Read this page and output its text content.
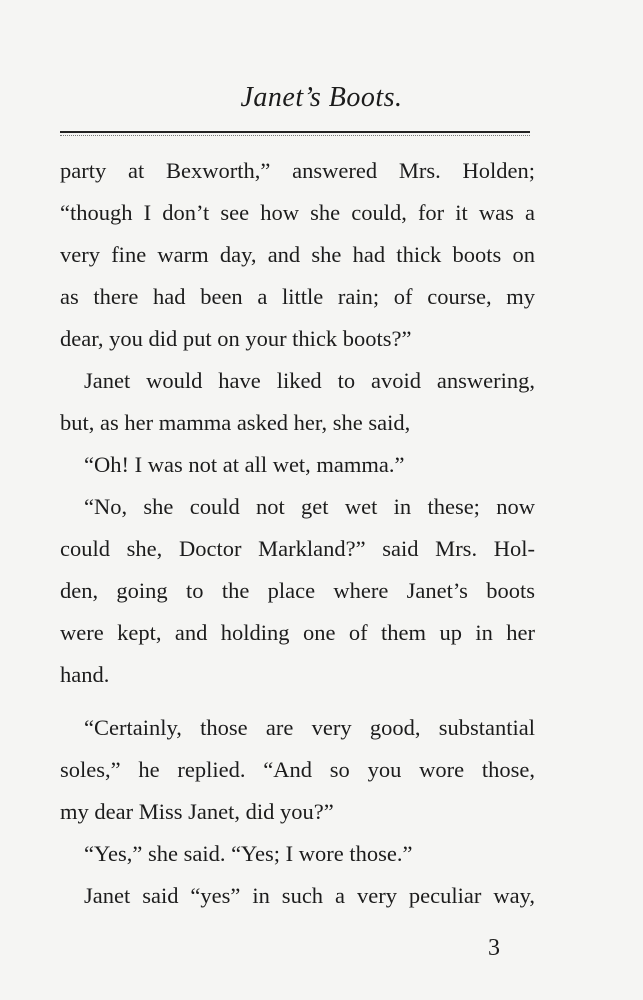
Janet’s Boots.
party at Bexworth,” answered Mrs. Holden;
“though I don’t see how she could, for it was a
very fine warm day, and she had thick boots on
as there had been a little rain; of course, my
dear, you did put on your thick boots?”
Janet would have liked to avoid answering,
but, as her mamma asked her, she said,
“Oh! I was not at all wet, mamma.”
“No, she could not get wet in these; now
could she, Doctor Markland?” said Mrs. Hol-
den, going to the place where Janet’s boots
were kept, and holding one of them up in her
hand.
“Certainly, those are very good, substantial
soles,” he replied. “And so you wore those,
my dear Miss Janet, did you?”
“Yes,” she said. “Yes; I wore those.”
Janet said “yes” in such a very peculiar way,
3
